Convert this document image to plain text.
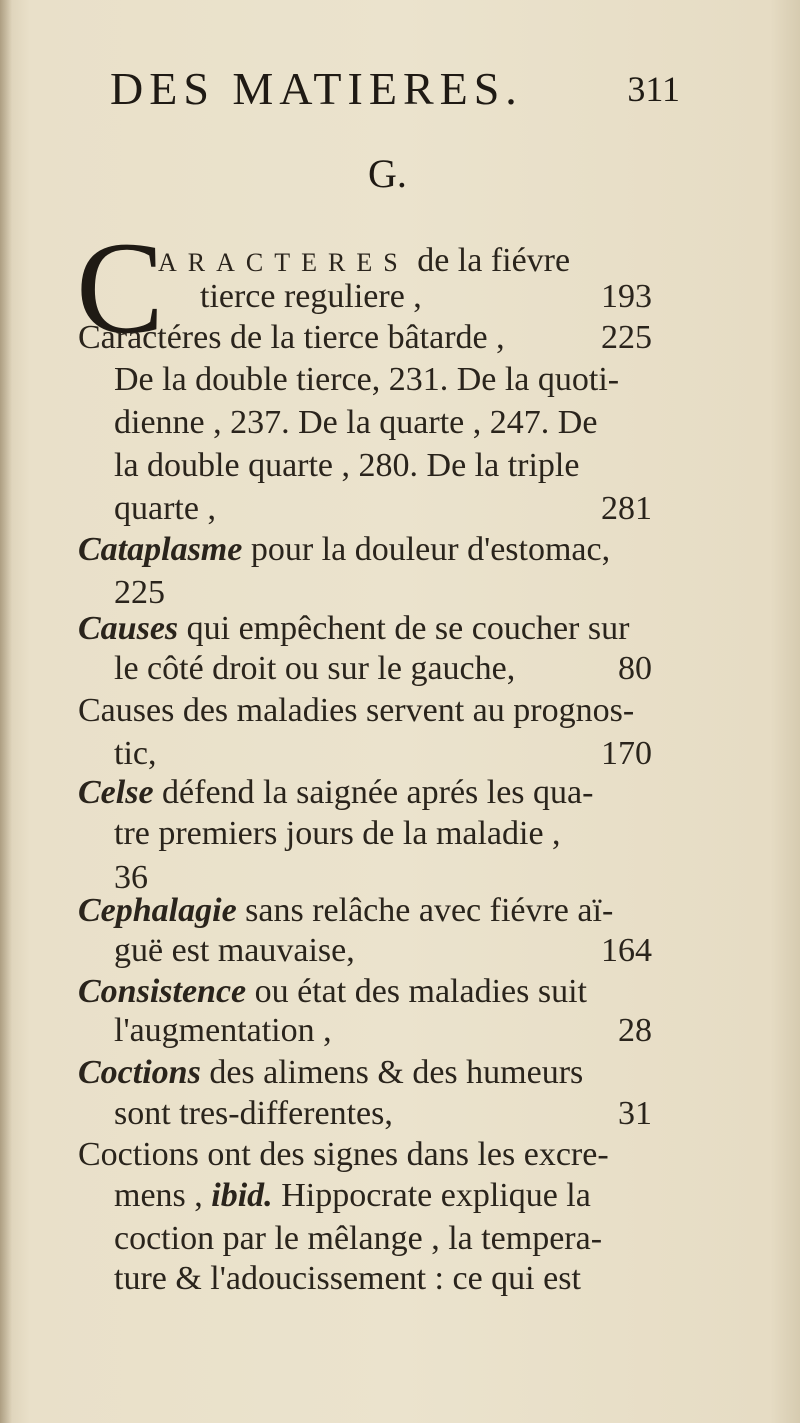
DES MATIERES.	311
G.
C
ARACTERES de la fiévre
tierce reguliere ,	193
Caractéres de la tierce bâtarde ,	225
De la double tierce, 231. De la quoti-
dienne , 237. De la quarte , 247. De
la double quarte , 280. De la triple
quarte ,	281
Cataplasme pour la douleur d'estomac,
225
Causes qui empêchent de se coucher sur
le côté droit ou sur le gauche,	80
Causes des maladies servent au prognos-
tic,	170
Celse défend la saignée aprés les qua-
tre premiers jours de la maladie ,
36
Cephalagie sans relâche avec fiévre aï-
guë est mauvaise,	164
Consistence ou état des maladies suit
l'augmentation ,	28
Coctions des alimens & des humeurs
sont tres-differentes,	31
Coctions ont des signes dans les excre-
mens , ibid. Hippocrate explique la
coction par le mêlange , la tempera-
ture & l'adoucissement : ce qui est
